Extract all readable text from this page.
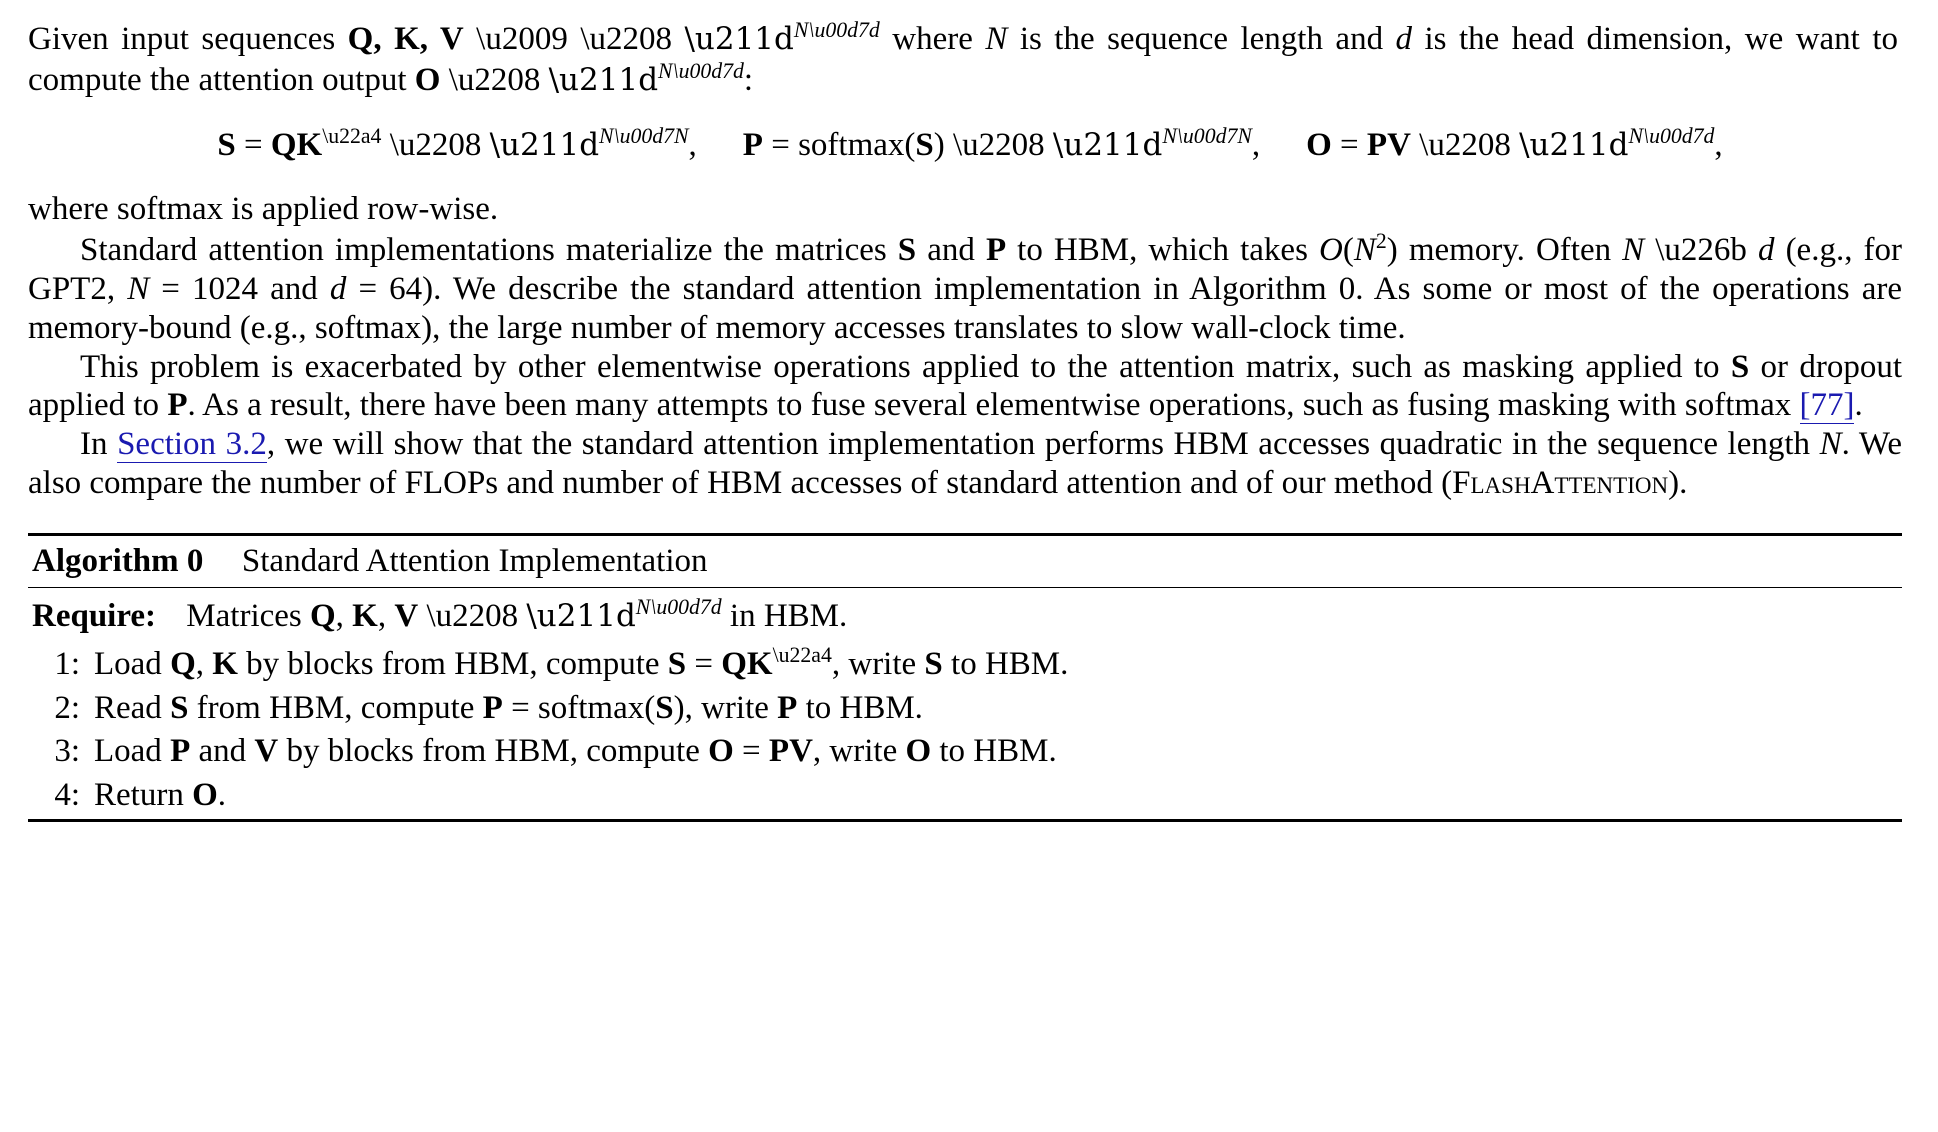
Given input sequences Q, K, V \u2009 \u2208 $\backslash u211d^{N\backslash u00d7d}$ where N is the sequence length and d is the head dimension, we want to compute the attention output O \u2208 $\backslash u211d^{N\backslash u00d7d}$:

$S = QK^{\backslash u22a4}$ \u2208 $\backslash u211d^{N\backslash u00d7N}$, P = softmax(S) \u2208 $\backslash u211d^{N\backslash u00d7N}$, O = PV \u2208 $\backslash u211d^{N\backslash u00d7d}$,

where softmax is applied row-wise.

Standard attention implementations materialize the matrices S and P to HBM, which takes $O(N^2)$ memory. Often N \u226b d (e.g., for GPT2, N = 1024 and d = 64). We describe the standard attention implementation in Algorithm 0. As some or most of the operations are memory-bound (e.g., softmax), the large number of memory accesses translates to slow wall-clock time.

This problem is exacerbated by other elementwise operations applied to the attention matrix, such as masking applied to S or dropout applied to P. As a result, there have been many attempts to fuse several elementwise operations, such as fusing masking with softmax [77].

In Section 3.2, we will show that the standard attention implementation performs HBM accesses quadratic in the sequence length N. We also compare the number of FLOPs and number of HBM accesses of standard attention and of our method (FlashAttention).

Algorithm 0 Standard Attention Implementation
Require: Matrices Q, K, V \u2208 $\backslash u211d^{N\backslash u00d7d}$ in HBM.
1: Load Q, K by blocks from HBM, compute $S = QK^{\backslash u22a4}$, write S to HBM.
2: Read S from HBM, compute P = softmax(S), write P to HBM.
3: Load P and V by blocks from HBM, compute O = PV, write O to HBM.
4: Return O.
